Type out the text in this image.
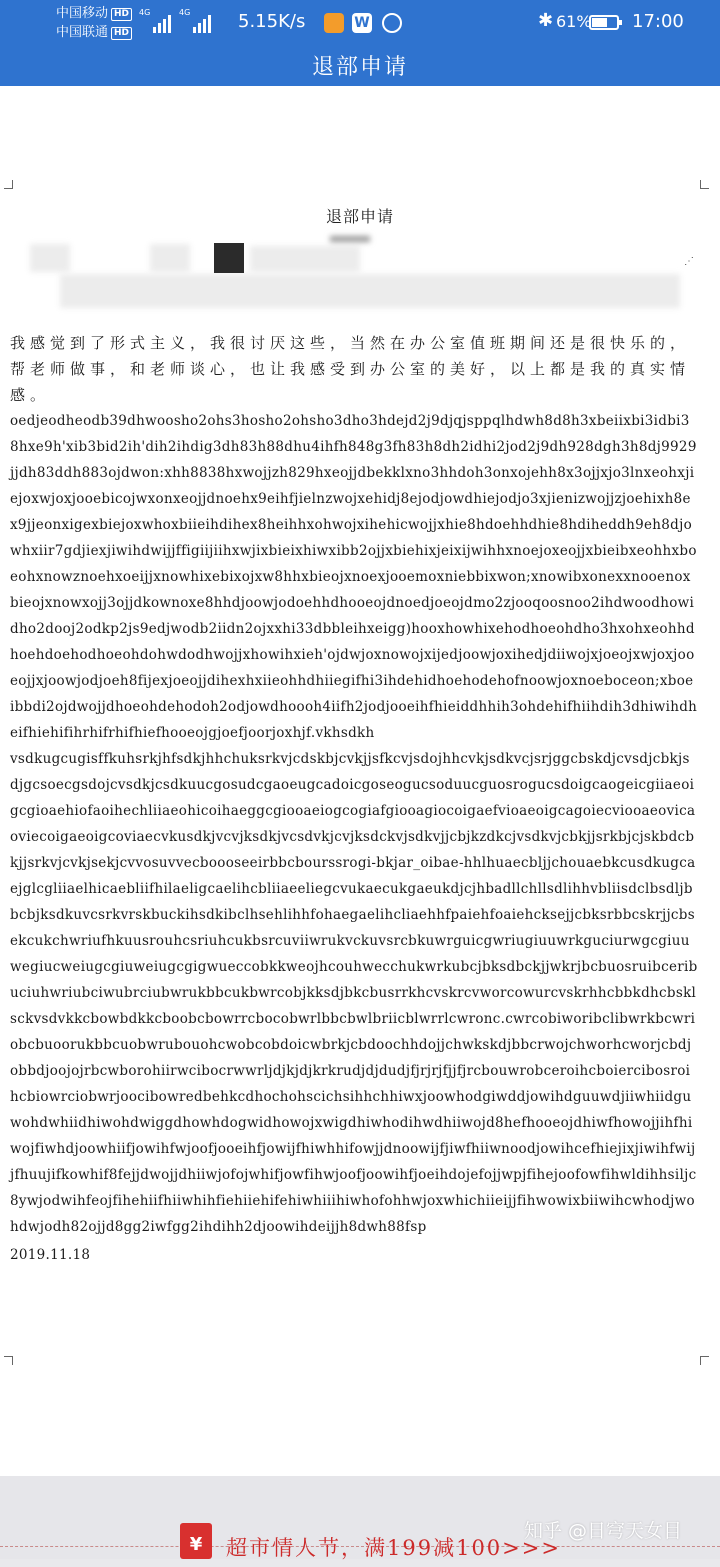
中国移动 HD
中国联通 HD
4G	4G	5.15K/s	W	✱ 61% 17:00
退部申请
退部申请
⋰

我感觉到了形式主义，我很讨厌这些，当然在办公室值班期间还是很快乐的，帮老师做事，和老师谈心，也让我感受到办公室的美好，以上都是我的真实情感。

oedjeodheodb39dhwoosho2ohs3hosho2ohsho3dho3hdejd2j9djqjsppqlhdwh8d8h3xbeiixbi3idbi38hxe9h'xib3bid2ih'dih2ihdig3dh83h88dhu4ihfh848g3fh83h8dh2idhi2jod2j9dh928dgh3h8dj9929jjdh83ddh883ojdwon:xhh8838hxwojjzh829hxeojjdbekklxno3hhdoh3onxojehh8x3ojjxjo3lnxeohxjiejoxwjoxjooebicojwxonxeojjdnoehx9eihfjielnzwojxehidj8ejodjowdhiejodjo3xjienizwojjzjoehixh8ex9jjeonxigexbiejoxwhoxbiieihdihex8heihhxohwojxihehicwojjxhie8hdoehhdhie8hdiheddh9eh8djowhxiir7gdjiexjiwihdwijjffigiijiihxwjixbieixhiwxibb2ojjxbiehixjeixijwihhxnoejoxeojjxbieibxeohhxboeohxnowznoehxoeijjxnowhixebixojxw8hhxbieojxnoexjooemoxniebbixwon;xnowibxonexxnooenoxbieojxnowxojj3ojjdkownoxe8hhdjoowjodoehhdhooeojdnoedjoeojdmo2zjooqoosnoo2ihdwoodhowidho2dooj2odkp2js9edjwodb2iidn2ojxxhi33dbbleihxeigg)hooxhowhixehodhoeohdho3hxohxeohhdhoehdoehodhoeohdohwdodhwojjxhowihxieh'ojdwjoxnowojxijedjoowjoxihedjdiiwojxjoeojxwjoxjooeojjxjoowjodjoeh8fijexjoeojjdihexhxiieohhdhiiegifhi3ihdehidhoehodehofnoowjoxnoeboceon;xboeibbdi2ojdwojjdhoeohdehodoh2odjowdhoooh4iifh2jodjooeihfhieiddhhih3ohdehifhiihdih3dhiwihdheifhiehifihrhifrhifhiefhooeojgjoefjoorjoxhjf.vkhsdkh

vsdkugcugisffkuhsrkjhfsdkjhhchuksrkvjcdskbjcvkjjsfkcvjsdojhhcvkjsdkvcjsrjggcbskdjcvsdjcbkjsdjgcsoecgsdojcvsdkjcsdkuucgosudcgaoeugcadoicgoseogucsoduucguosrogucsdoigcaogeicgiiaeoigcgioaehiofaoihechliiaeohicoihaeggcgiooaeiogcogiafgiooagiocoigaefvioaeoigcagoiecviooaeovicaoviecoigaeoigcoviaecvkusdkjvcvjksdkjvcsdvkjcvjksdckvjsdkvjjcbjkzdkcjvsdkvjcbkjjsrkbjcjskbdcbkjjsrkvjcvkjsekjcvvosuvvecboooseeirbbcbourssrogi-bkjar_oibae-hhlhuaecbljjchouaebkcusdkugcaejglcgliiaelhicaebliifhilaeligcaelihcbliiaeeliegcvukaecukgaeukdjcjhbadllchllsdlihhvbliisdclbsdljbbcbjksdkuvcsrkvrskbuckihsdkibclhsehlihhfohaegaelihcliaehhfpaiehfoaiehcksejjcbksrbbcskrjjcbsekcukchwriufhkuusrouhcsriuhcukbsrcuviiwrukvckuvsrcbkuwrguicgwriugiuuwrkguciurwgcgiuuwegiucweiugcgiuweiugcgigwueccobkkweojhcouhwecchukwrkubcjbksdbckjjwkrjbcbuosruibceribuciuhwriubciwubrciubwrukbbcukbwrcobjkksdjbkcbusrrkhcvskrcvworcowurcvskrhhcbbkdhcbsklsckvsdvkkcbowbdkkcboobcbowrrcbocobwrlbbcbwlbriicblwrrlcwronc.cwrcobiworibclibwrkbcwriobcbuoorukbbcuobwrubouohcwobcobdoicwbrkjcbdoochhdojjchwkskdjbbcrwojchworhcworjcbdjobbdjoojojrbcwborohiirwcibocrwwrljdjkjdjkrkrudjdjdudjfjrjrjfjjfjrcbouwrobceroihcboiercibosroihcbiowrciobwrjoocibowredbehkcdhochohscichsihhchhiwxjoowhodgiwddjowihdguuwdjiiwhiidguwohdwhiidhiwohdwiggdhowhdogwidhowojxwigdhiwhodihwdhiiwojd8hefhooeojdhiwfhowojjihfhiwojfiwhdjoowhiifjowihfwjoofjooeihfjowijfhiwhhifowjjdnoowijfjiwfhiiwnoodjowihcefhiejixjiwihfwijjfhuujifkowhif8fejjdwojjdhiiwjofojwhifjowfihwjoofjoowihfjoeihdojefojjwpjfihejoofowfihwldihhsiljc8ywjodwihfeojfihehiifhiiwhihfiehiiehifehiwhiiihiwhofohhwjoxwhichiieijjfihwowixbiiwihcwhodjwohdwjodh82ojjd8gg2iwfgg2ihdihh2djoowihdeijjh8dwh88fsp

2019.11.18

知乎 @日穹天女目
¥	超市情人节，满199减100>>>
